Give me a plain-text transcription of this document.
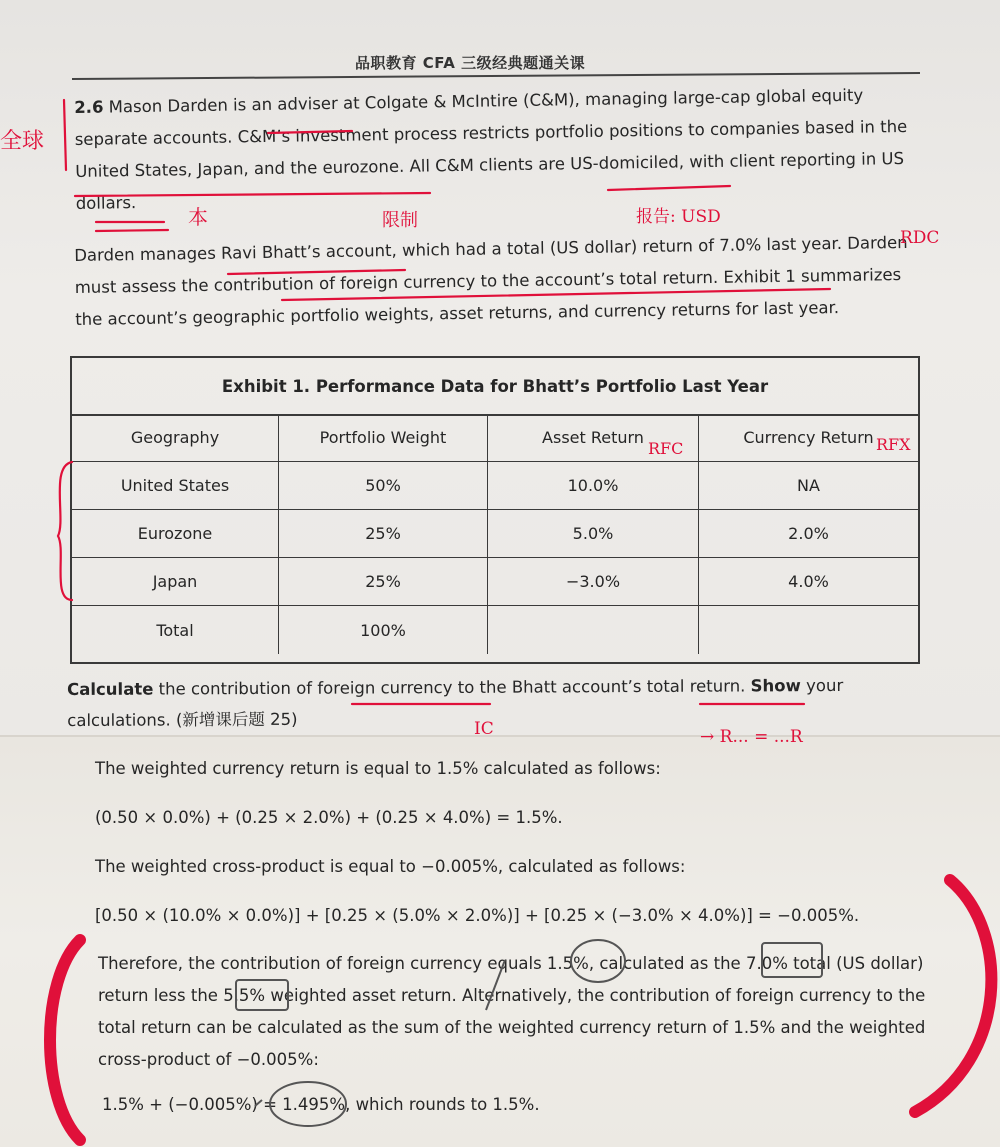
品职教育 CFA 三级经典题通关课
2.6 Mason Darden is an adviser at Colgate & McIntire (C&M), managing large-cap global equity separate accounts. C&M’s investment process restricts portfolio positions to companies based in the United States, Japan, and the eurozone. All C&M clients are US-domiciled, with client reporting in US dollars.
Darden manages Ravi Bhatt’s account, which had a total (US dollar) return of 7.0% last year. Darden must assess the contribution of foreign currency to the account’s total return. Exhibit 1 summarizes the account’s geographic portfolio weights, asset returns, and currency returns for last year.
Exhibit 1. Performance Data for Bhatt’s Portfolio Last Year
Geography	Portfolio Weight	Asset Return	Currency Return
United States	50%	10.0%	NA
Eurozone	25%	5.0%	2.0%
Japan	25%	−3.0%	4.0%
Total	100%
Calculate the contribution of foreign currency to the Bhatt account’s total return. Show your calculations. (新增课后题 25)
The weighted currency return is equal to 1.5% calculated as follows:
(0.50 × 0.0%) + (0.25 × 2.0%) + (0.25 × 4.0%) = 1.5%.
The weighted cross-product is equal to −0.005%, calculated as follows:
[0.50 × (10.0% × 0.0%)] + [0.25 × (5.0% × 2.0%)] + [0.25 × (−3.0% × 4.0%)] = −0.005%.
Therefore, the contribution of foreign currency equals 1.5%, calculated as the 7.0% total (US dollar) return less the 5.5% weighted asset return. Alternatively, the contribution of foreign currency to the total return can be calculated as the sum of the weighted currency return of 1.5% and the weighted cross-product of −0.005%:
1.5% + (−0.005%) = 1.495%, which rounds to 1.5%.
全球
本	限制	报告: USD
RDC
RFC	RFX
IC	→ R... = ...R
